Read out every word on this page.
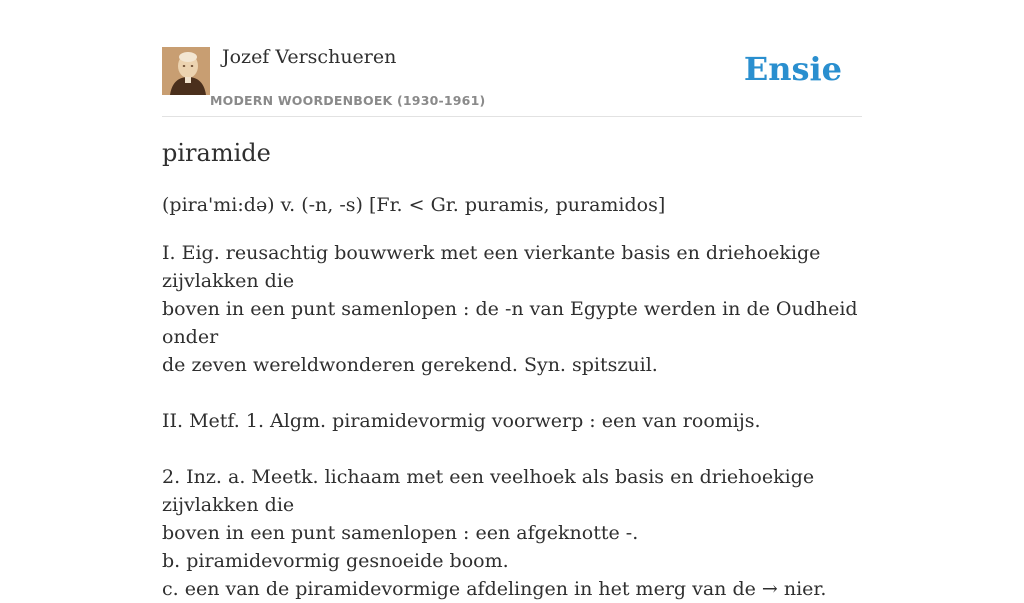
Jozef Verschueren
MODERN WOORDENBOEK (1930-1961)
Ensie
piramide
(pira'mi:də) v. (-n, -s) [Fr. < Gr. puramis, puramidos]

I. Eig. reusachtig bouwwerk met een vierkante basis en driehoekige zijvlakken die

boven in een punt samenlopen : de -n van Egypte werden in de Oudheid onder

de zeven wereldwonderen gerekend. Syn. spitszuil.

II. Metf. 1. Algm. piramidevormig voorwerp : een van roomijs.

2. Inz. a. Meetk. lichaam met een veelhoek als basis en driehoekige zijvlakken die

boven in een punt samenlopen : een afgeknotte -.

b. piramidevormig gesnoeide boom.

c. een van de piramidevormige afdelingen in het merg van de → nier.
